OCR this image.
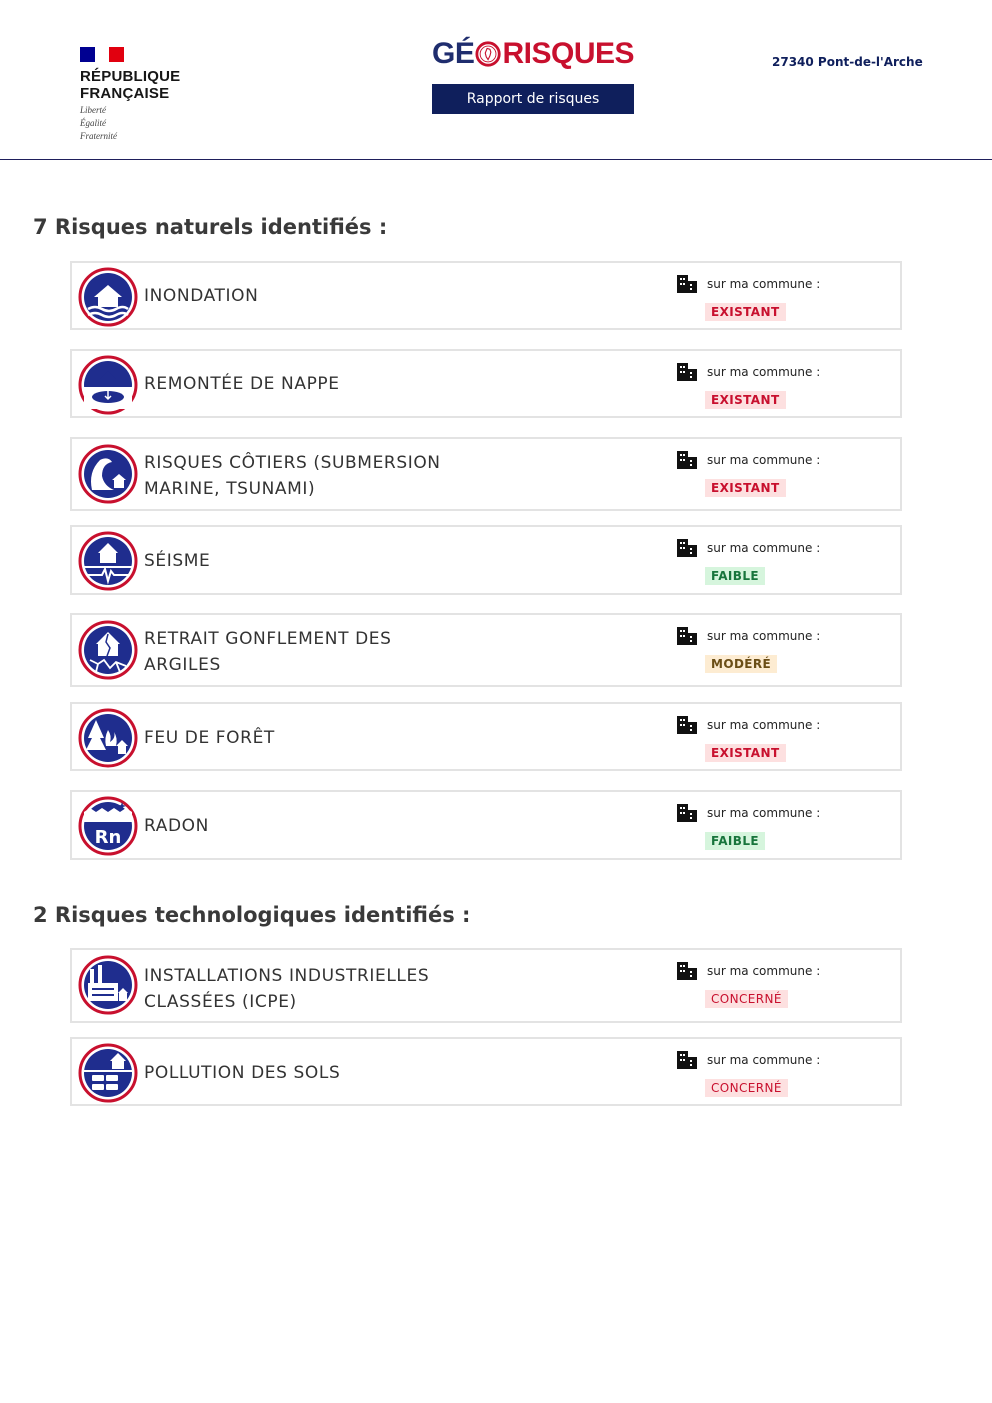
RÉPUBLIQUE
FRANÇAISE
Liberté
Égalité
Fraternité
GÉ RISQUES
Rapport de risques
27340 Pont-de-l'Arche
7 Risques naturels identifiés :
INONDATION
sur ma commune :
EXISTANT
REMONTÉE DE NAPPE
sur ma commune :
EXISTANT
RISQUES CÔTIERS (SUBMERSION MARINE, TSUNAMI)
sur ma commune :
EXISTANT
SÉISME
sur ma commune :
FAIBLE
RETRAIT GONFLEMENT DES ARGILES
sur ma commune :
MODÉRÉ
FEU DE FORÊT
sur ma commune :
EXISTANT
Rn
RADON
sur ma commune :
FAIBLE
2 Risques technologiques identifiés :
INSTALLATIONS INDUSTRIELLES CLASSÉES (ICPE)
sur ma commune :
CONCERNÉ
POLLUTION DES SOLS
sur ma commune :
CONCERNÉ
